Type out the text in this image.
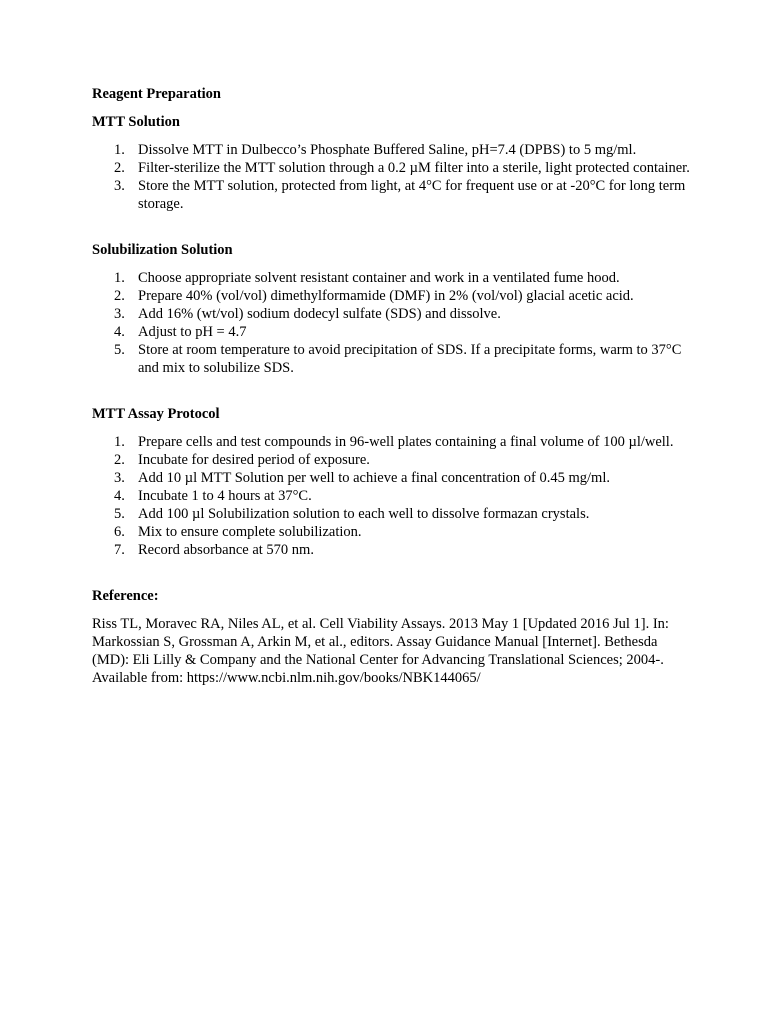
Reagent Preparation

MTT Solution

1. Dissolve MTT in Dulbecco’s Phosphate Buffered Saline, pH=7.4 (DPBS) to 5 mg/ml.
2. Filter-sterilize the MTT solution through a 0.2 µM filter into a sterile, light protected container.
3. Store the MTT solution, protected from light, at 4°C for frequent use or at -20°C for long term storage.

Solubilization Solution

1. Choose appropriate solvent resistant container and work in a ventilated fume hood.
2. Prepare 40% (vol/vol) dimethylformamide (DMF) in 2% (vol/vol) glacial acetic acid.
3. Add 16% (wt/vol) sodium dodecyl sulfate (SDS) and dissolve.
4. Adjust to pH = 4.7
5. Store at room temperature to avoid precipitation of SDS. If a precipitate forms, warm to 37°C and mix to solubilize SDS.

MTT Assay Protocol

1. Prepare cells and test compounds in 96-well plates containing a final volume of 100 µl/well.
2. Incubate for desired period of exposure.
3. Add 10 µl MTT Solution per well to achieve a final concentration of 0.45 mg/ml.
4. Incubate 1 to 4 hours at 37°C.
5. Add 100 µl Solubilization solution to each well to dissolve formazan crystals.
6. Mix to ensure complete solubilization.
7. Record absorbance at 570 nm.

Reference:

Riss TL, Moravec RA, Niles AL, et al. Cell Viability Assays. 2013 May 1 [Updated 2016 Jul 1]. In: Markossian S, Grossman A, Arkin M, et al., editors. Assay Guidance Manual [Internet]. Bethesda (MD): Eli Lilly & Company and the National Center for Advancing Translational Sciences; 2004-. Available from: https://www.ncbi.nlm.nih.gov/books/NBK144065/
